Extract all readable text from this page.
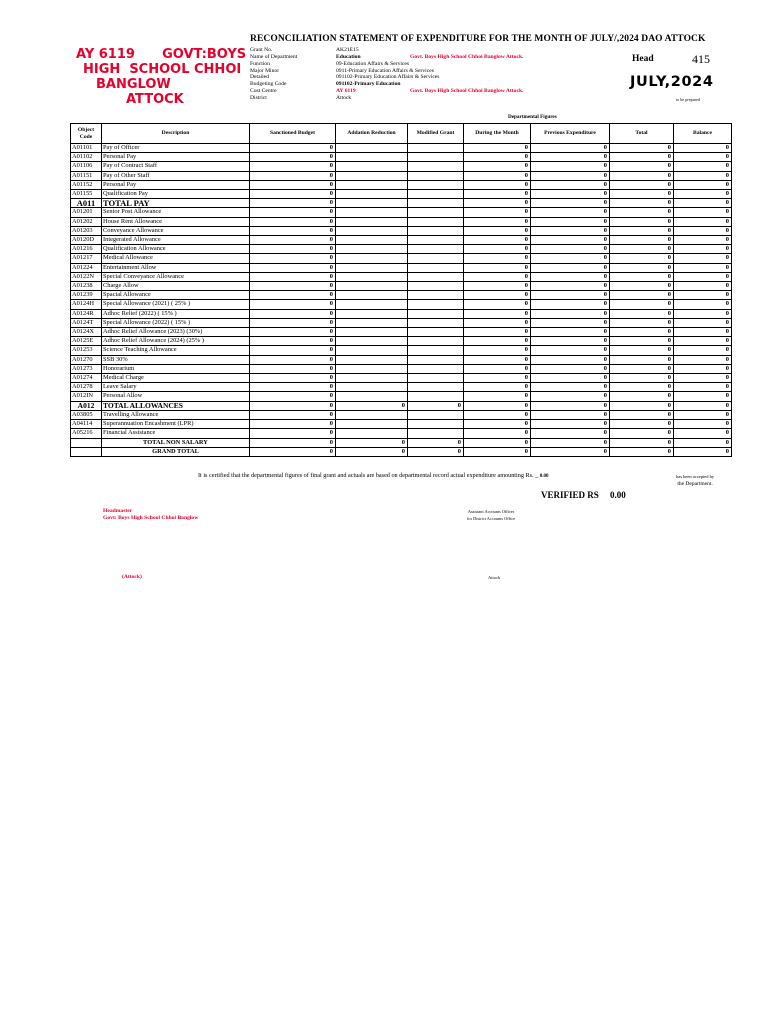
RECONCILIATION STATEMENT OF EXPENDITURE FOR THE MONTH OF JULY/,2024 DAO ATTOCK
AY 6119      GOVT:BOYS
HIGH  SCHOOL CHHOI
BANGLOW
ATTOCK
Grant No.	AK21E15
Name of Department	Education	Govt. Boys High School Chhoi Banglow Attock.
Function	09-Education Affairs & Services
Major Minor	0911-Primary Education Affairs & Services
Detailed	091102-Primary Education Affairs & Services
Budgeting Code	091102-Primary Education
Cost Centre	AY 6119	Govt. Boys High School Chhoi Banglow Attock.
District	Attock
Head	415
JULY,2024
to be prepared
Departmental Figures
Object Code	Description	Sanctioned Budget	Addation Reduction	Modified Grant	During the Month	Previous Expenditure	Total	Balance
A01101	Pay of Officer	0			0	0	0	0
A01102	Personal Pay	0			0	0	0	0
A01106	Pay of Contract Staff	0			0	0	0	0
A01151	Pay of Other Staff	0			0	0	0	0
A01152	Personal Pay	0			0	0	0	0
A01155	Qualification Pay	0			0	0	0	0
A011	TOTAL PAY	0			0	0	0	0
A01201	Senior Post Allowance	0			0	0	0	0
A01202	House Rent Allowance	0			0	0	0	0
A01203	Conveyance Allowance	0			0	0	0	0
A0120D	Integerated Allowance	0			0	0	0	0
A01216	Qualification Allowance	0			0	0	0	0
A01217	Medical Allowance	0			0	0	0	0
A01224	Entertainment Allow	0			0	0	0	0
A0122N	Special Conveyance Allowance	0			0	0	0	0
A01238	Charge Allow	0			0	0	0	0
A01239	Spacial Allowance	0			0	0	0	0
A0124H	Special Allowance (2021) ( 25% )	0			0	0	0	0
A0124R	Adhoc Relief (2022) ( 15% )	0			0	0	0	0
A0124T	Special Allowance (2022) ( 15% )	0			0	0	0	0
A0124X	Adhoc Relief Allowance (2023) (30%)	0			0	0	0	0
A0125E	Adhoc Relief Allowance (2024) (25% )	0			0	0	0	0
A01253	Science Teaching Allowance	0			0	0	0	0
A01270	SSB 30%	0			0	0	0	0
A01273	Honorarium	0			0	0	0	0
A01274	Medical Charge	0			0	0	0	0
A01278	Leave Salary	0			0	0	0	0
A012IN	Personal Allow	0			0	0	0	0
A012	TOTAL ALLOWANCES	0	0	0	0	0	0	0
A03805	Travelling Allowance	0			0	0	0	0
A04114	Superannuation Encashment (LPR)	0			0	0	0	0
A05216	Financial Assistance	0			0	0	0	0
	TOTAL NON SALARY	0	0	0	0	0	0	0
	GRAND TOTAL	0	0	0	0	0	0	0
It is certified that the departmental figures of final grant and actuals are based on departmental record actual expenditure amounting Rs. _ 0.00	has been accepted by
the Department.
VERIFIED RS 0.00
Headmaster
Govt: Boys High School Chhoi Banglow
Assistant Accounts Officer
for District Accounts Office
(Attock)	Attock
